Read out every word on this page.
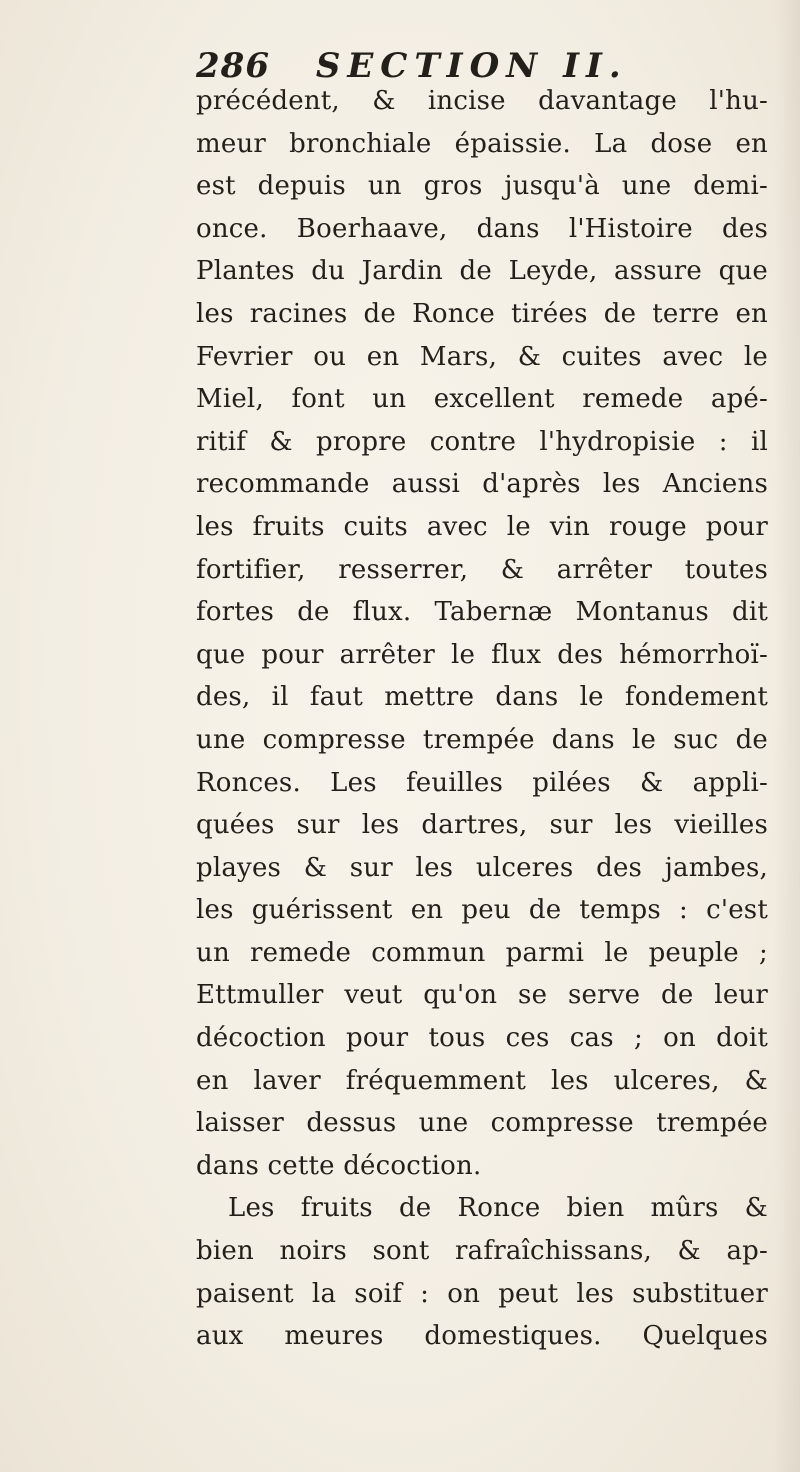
286 SECTION II.
précédent, & incise davantage l'hu-
meur bronchiale épaissie. La dose en
est depuis un gros jusqu'à une demi-
once. Boerhaave, dans l'Histoire des
Plantes du Jardin de Leyde, assure que
les racines de Ronce tirées de terre en
Fevrier ou en Mars, & cuites avec le
Miel, font un excellent remede apé-
ritif & propre contre l'hydropisie : il
recommande aussi d'après les Anciens
les fruits cuits avec le vin rouge pour
fortifier, resserrer, & arrêter toutes
fortes de flux. Tabernæ Montanus dit
que pour arrêter le flux des hémorrhoï-
des, il faut mettre dans le fondement
une compresse trempée dans le suc de
Ronces. Les feuilles pilées & appli-
quées sur les dartres, sur les vieilles
playes & sur les ulceres des jambes,
les guérissent en peu de temps : c'est
un remede commun parmi le peuple ;
Ettmuller veut qu'on se serve de leur
décoction pour tous ces cas ; on doit
en laver fréquemment les ulceres, &
laisser dessus une compresse trempée
dans cette décoction.
Les fruits de Ronce bien mûrs &
bien noirs sont rafraîchissans, & ap-
paisent la soif : on peut les substituer
aux meures domestiques. Quelques
